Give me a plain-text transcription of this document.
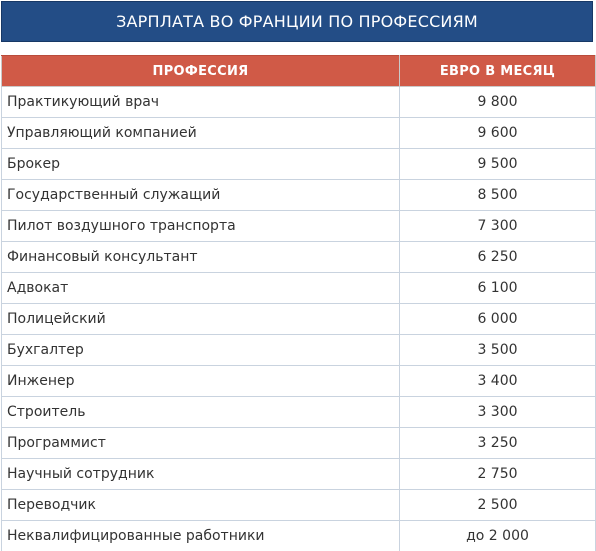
ЗАРПЛАТА ВО ФРАНЦИИ ПО ПРОФЕССИЯМ
ПРОФЕССИЯ	ЕВРО В МЕСЯЦ
Практикующий врач	9 800
Управляющий компанией	9 600
Брокер	9 500
Государственный служащий	8 500
Пилот воздушного транспорта	7 300
Финансовый консультант	6 250
Адвокат	6 100
Полицейский	6 000
Бухгалтер	3 500
Инженер	3 400
Строитель	3 300
Программист	3 250
Научный сотрудник	2 750
Переводчик	2 500
Неквалифицированные работники	до 2 000
